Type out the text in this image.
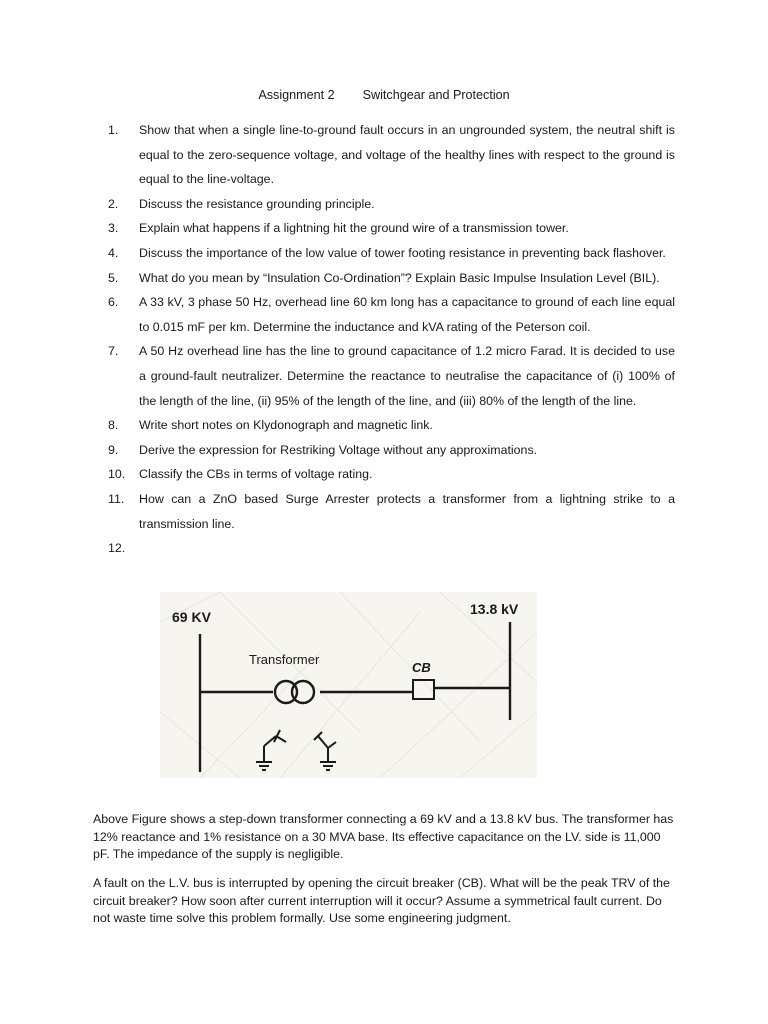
Assignment 2 Switchgear and Protection
1.	Show that when a single line-to-ground fault occurs in an ungrounded system, the neutral shift is equal to the zero-sequence voltage, and voltage of the healthy lines with respect to the ground is equal to the line-voltage.
2.	Discuss the resistance grounding principle.
3.	Explain what happens if a lightning hit the ground wire of a transmission tower.
4.	Discuss the importance of the low value of tower footing resistance in preventing back flashover.
5.	What do you mean by “Insulation Co-Ordination”? Explain Basic Impulse Insulation Level (BIL).
6.	A 33 kV, 3 phase 50 Hz, overhead line 60 km long has a capacitance to ground of each line equal to 0.015 mF per km. Determine the inductance and kVA rating of the Peterson coil.
7.	A 50 Hz overhead line has the line to ground capacitance of 1.2 micro Farad. It is decided to use a ground-fault neutralizer. Determine the reactance to neutralise the capacitance of (i) 100% of the length of the line, (ii) 95% of the length of the line, and (iii) 80% of the length of the line.
8.	Write short notes on Klydonograph and magnetic link.
9.	Derive the expression for Restriking Voltage without any approximations.
10.	Classify the CBs in terms of voltage rating.
11.	How can a ZnO based Surge Arrester protects a transformer from a lightning strike to a transmission line.
12.
69 KV	13.8 kV
Transformer
CB

Above Figure shows a step-down transformer connecting a 69 kV and a 13.8 kV bus. The transformer has 12% reactance and 1% resistance on a 30 MVA base. Its effective capacitance on the LV. side is 11,000 pF. The impedance of the supply is negligible.

A fault on the L.V. bus is interrupted by opening the circuit breaker (CB). What will be the peak TRV of the circuit breaker? How soon after current interruption will it occur? Assume a symmetrical fault current. Do not waste time solve this problem formally. Use some engineering judgment.
